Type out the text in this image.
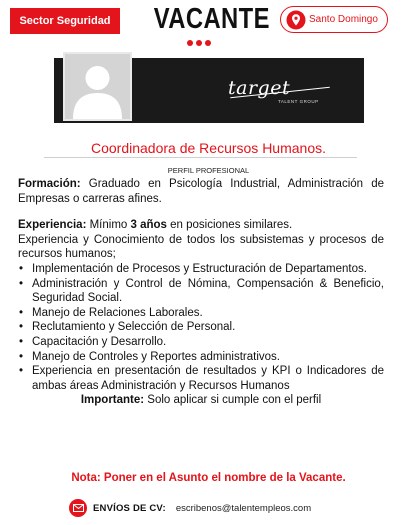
Sector Seguridad VACANTE	Santo Domingo
target
TALENT GROUP
Coordinadora de Recursos Humanos.
PERFIL PROFESIONAL

Formación: Graduado en Psicología Industrial, Administración de Empresas o carreras afines.

Experiencia: Mínimo 3 años en posiciones similares.

Experiencia y Conocimiento de todos los subsistemas y procesos de recursos humanos;

• Implementación de Procesos y Estructuración de Departamentos.
• Administración y Control de Nómina, Compensación & Beneficio, Seguridad Social.
• Manejo de Relaciones Laborales.
• Reclutamiento y Selección de Personal.
• Capacitación y Desarrollo.
• Manejo de Controles y Reportes administrativos.
• Experiencia en presentación de resultados y KPI o Indicadores de ambas áreas Administración y Recursos Humanos

Importante: Solo aplicar si cumple con el perfil

Nota: Poner en el Asunto el nombre de la Vacante.
ENVÍOS DE CV: escribenos@talentempleos.com
